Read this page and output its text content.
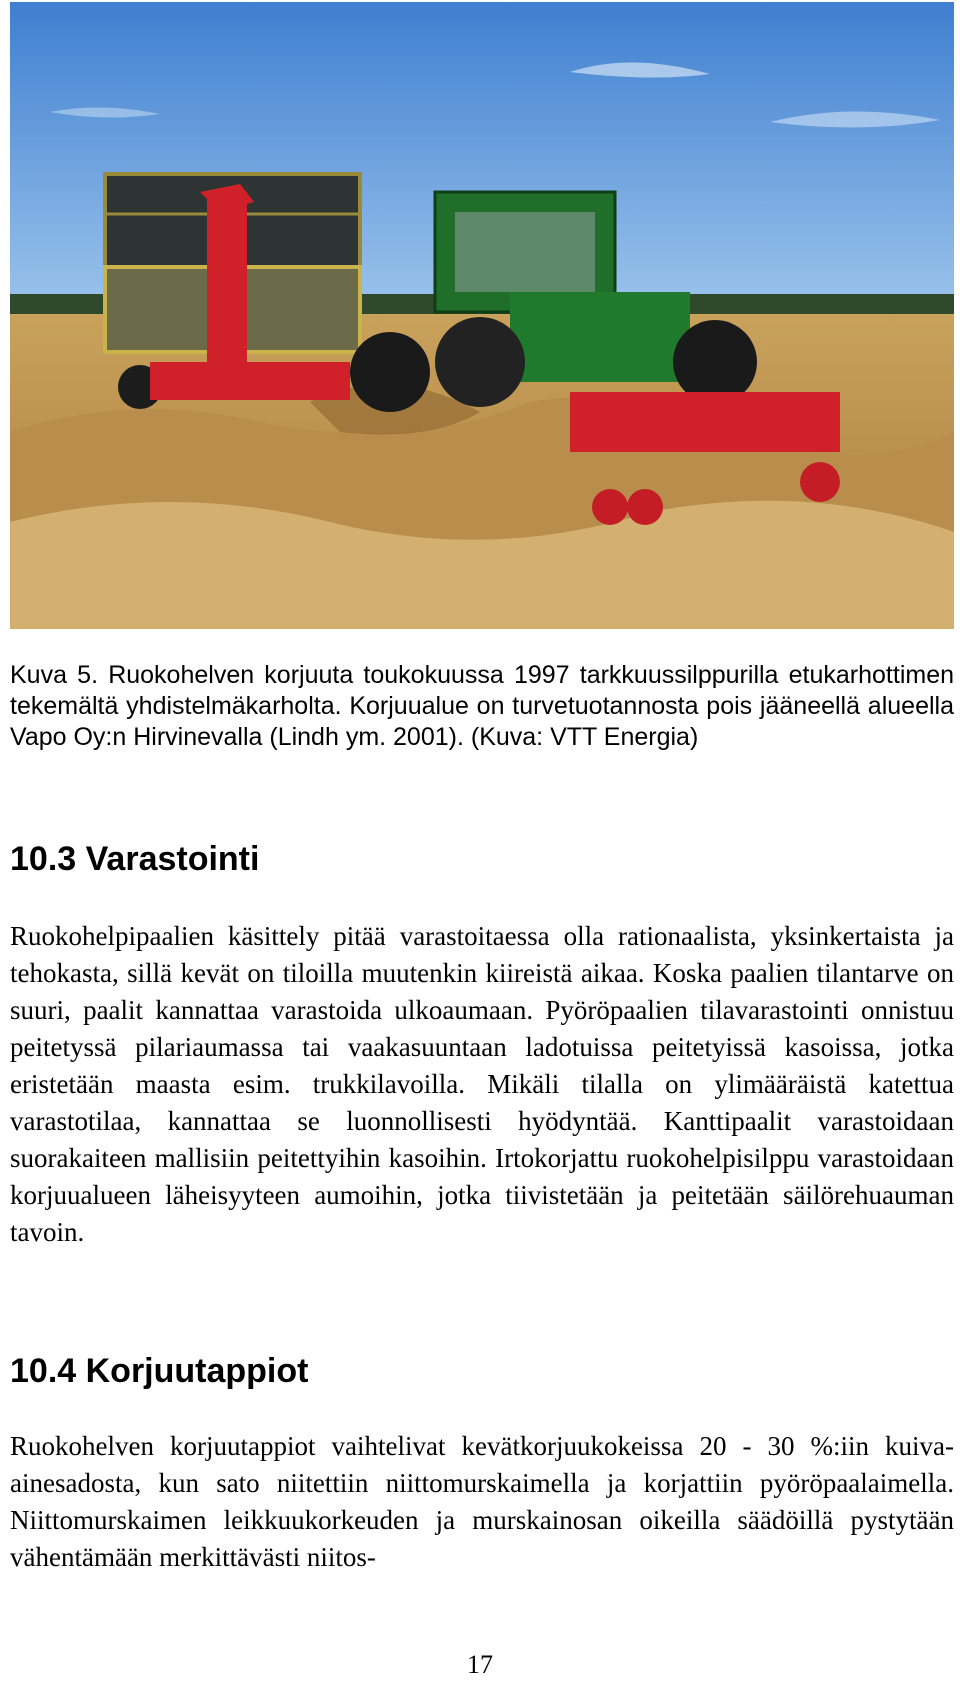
Kuva 5. Ruokohelven korjuuta toukokuussa 1997 tarkkuussilppurilla etukarhottimen tekemältä yhdistelmäkarholta. Korjuualue on turvetuotannosta pois jääneellä alueella Vapo Oy:n Hirvinevalla (Lindh ym. 2001). (Kuva: VTT Energia)

10.3 Varastointi

Ruokohelpipaalien käsittely pitää varastoitaessa olla rationaalista, yksinkertaista ja tehokasta, sillä kevät on tiloilla muutenkin kiireistä aikaa. Koska paalien tilantarve on suuri, paalit kannattaa varastoida ulkoaumaan. Pyöröpaalien tilavarastointi onnistuu peitetyssä pilariaumassa tai vaakasuuntaan ladotuissa peitetyissä kasoissa, jotka eristetään maasta esim. trukkilavoilla. Mikäli tilalla on ylimääräistä katettua varastotilaa, kannattaa se luonnollisesti hyödyntää. Kanttipaalit varastoidaan suorakaiteen mallisiin peitettyihin kasoihin. Irtokorjattu ruokohelpisilppu varastoidaan korjuualueen läheisyyteen aumoihin, jotka tiivistetään ja peitetään säilörehuauman tavoin.

10.4 Korjuutappiot

Ruokohelven korjuutappiot vaihtelivat kevätkorjuukokeissa 20 - 30 %:iin kuiva-ainesadosta, kun sato niitettiin niittomurskaimella ja korjattiin pyöröpaalaimella. Niittomurskaimen leikkuukorkeuden ja murskainosan oikeilla säädöillä pystytään vähentämään merkittävästi niitos-

17
